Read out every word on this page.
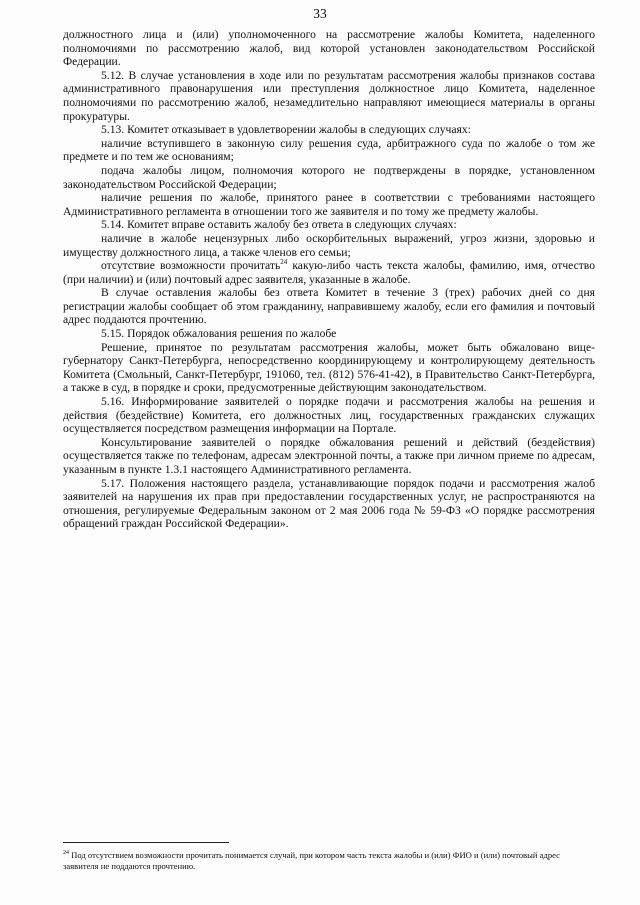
33

должностного лица и (или) уполномоченного на рассмотрение жалобы Комитета, наделенного полномочиями по рассмотрению жалоб, вид которой установлен законодательством Российской Федерации.

5.12. В случае установления в ходе или по результатам рассмотрения жалобы признаков состава административного правонарушения или преступления должностное лицо Комитета, наделенное полномочиями по рассмотрению жалоб, незамедлительно направляют имеющиеся материалы в органы прокуратуры.

5.13. Комитет отказывает в удовлетворении жалобы в следующих случаях:

наличие вступившего в законную силу решения суда, арбитражного суда по жалобе о том же предмете и по тем же основаниям;

подача жалобы лицом, полномочия которого не подтверждены в порядке, установленном законодательством Российской Федерации;

наличие решения по жалобе, принятого ранее в соответствии с требованиями настоящего Административного регламента в отношении того же заявителя и по тому же предмету жалобы.

5.14. Комитет вправе оставить жалобу без ответа в следующих случаях:

наличие в жалобе нецензурных либо оскорбительных выражений, угроз жизни, здоровью и имуществу должностного лица, а также членов его семьи;

отсутствие возможности прочитать$^{24}$ какую-либо часть текста жалобы, фамилию, имя, отчество (при наличии) и (или) почтовый адрес заявителя, указанные в жалобе.

В случае оставления жалобы без ответа Комитет в течение 3 (трех) рабочих дней со дня регистрации жалобы сообщает об этом гражданину, направившему жалобу, если его фамилия и почтовый адрес поддаются прочтению.

5.15. Порядок обжалования решения по жалобе

Решение, принятое по результатам рассмотрения жалобы, может быть обжаловано вице-губернатору Санкт-Петербурга, непосредственно координирующему и контролирующему деятельность Комитета (Смольный, Санкт-Петербург, 191060, тел. (812) 576-41-42), в Правительство Санкт-Петербурга, а также в суд, в порядке и сроки, предусмотренные действующим законодательством.

5.16. Информирование заявителей о порядке подачи и рассмотрения жалобы на решения и действия (бездействие) Комитета, его должностных лиц, государственных гражданских служащих осуществляется посредством размещения информации на Портале.

Консультирование заявителей о порядке обжалования решений и действий (бездействия) осуществляется также по телефонам, адресам электронной почты, а также при личном приеме по адресам, указанным в пункте 1.3.1 настоящего Административного регламента.

5.17. Положения настоящего раздела, устанавливающие порядок подачи и рассмотрения жалоб заявителей на нарушения их прав при предоставлении государственных услуг, не распространяются на отношения, регулируемые Федеральным законом от 2 мая 2006 года № 59-ФЗ «О порядке рассмотрения обращений граждан Российской Федерации».

$^{24}$ Под отсутствием возможности прочитать понимается случай, при котором часть текста жалобы и (или) ФИО и (или) почтовый адрес заявителя не поддаются прочтению.
